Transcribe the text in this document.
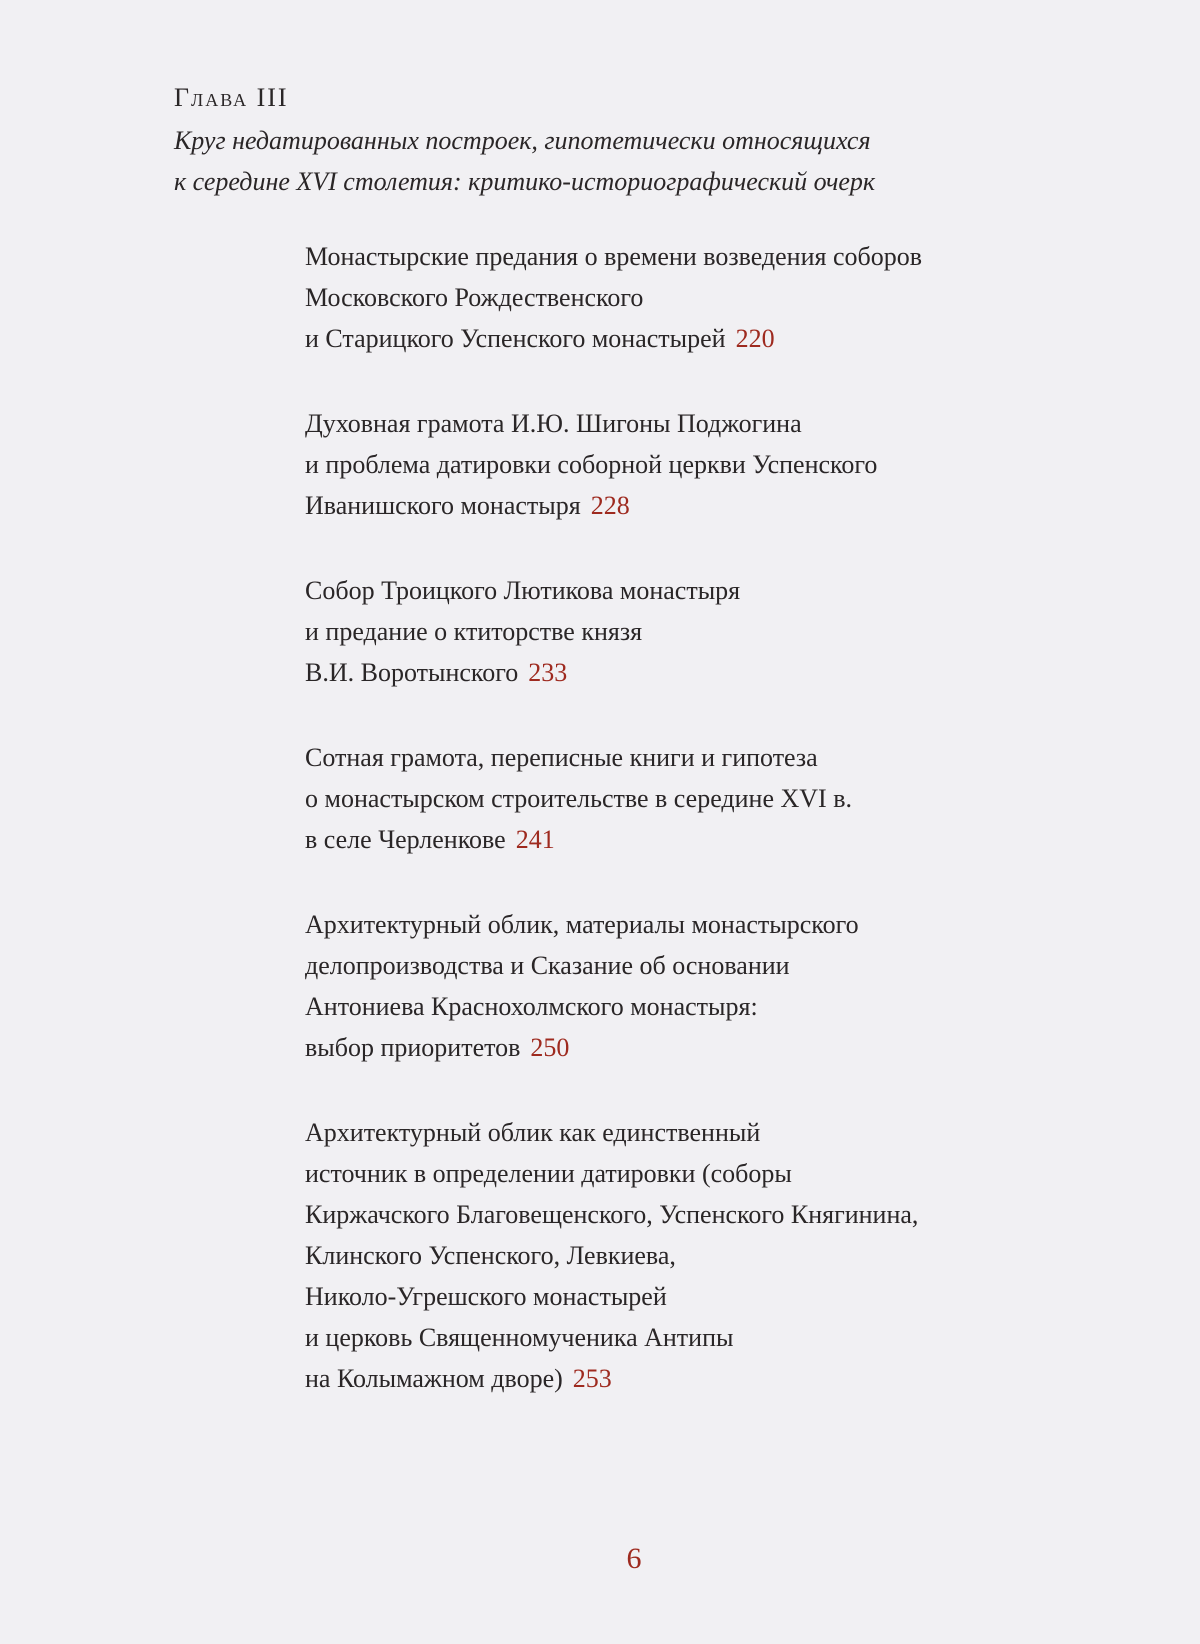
Глава III

Круг недатированных построек, гипотетически относящихся
к середине XVI столетия: критико-историографический очерк

Монастырские предания о времени возведения соборов
Московского Рождественского
и Старицкого Успенского монастырей 220
Духовная грамота И.Ю. Шигоны Поджогина
и проблема датировки соборной церкви Успенского
Иванишского монастыря 228
Собор Троицкого Лютикова монастыря
и предание о ктиторстве князя
В.И. Воротынского 233
Сотная грамота, переписные книги и гипотеза
о монастырском строительстве в середине XVI в.
в селе Черленкове 241
Архитектурный облик, материалы монастырского
делопроизводства и Сказание об основании
Антониева Краснохолмского монастыря:
выбор приоритетов 250
Архитектурный облик как единственный
источник в определении датировки (соборы
Киржачского Благовещенского, Успенского Княгинина,
Клинского Успенского, Левкиева,
Николо-Угрешского монастырей
и церковь Священномученика Антипы
на Колымажном дворе) 253
6
